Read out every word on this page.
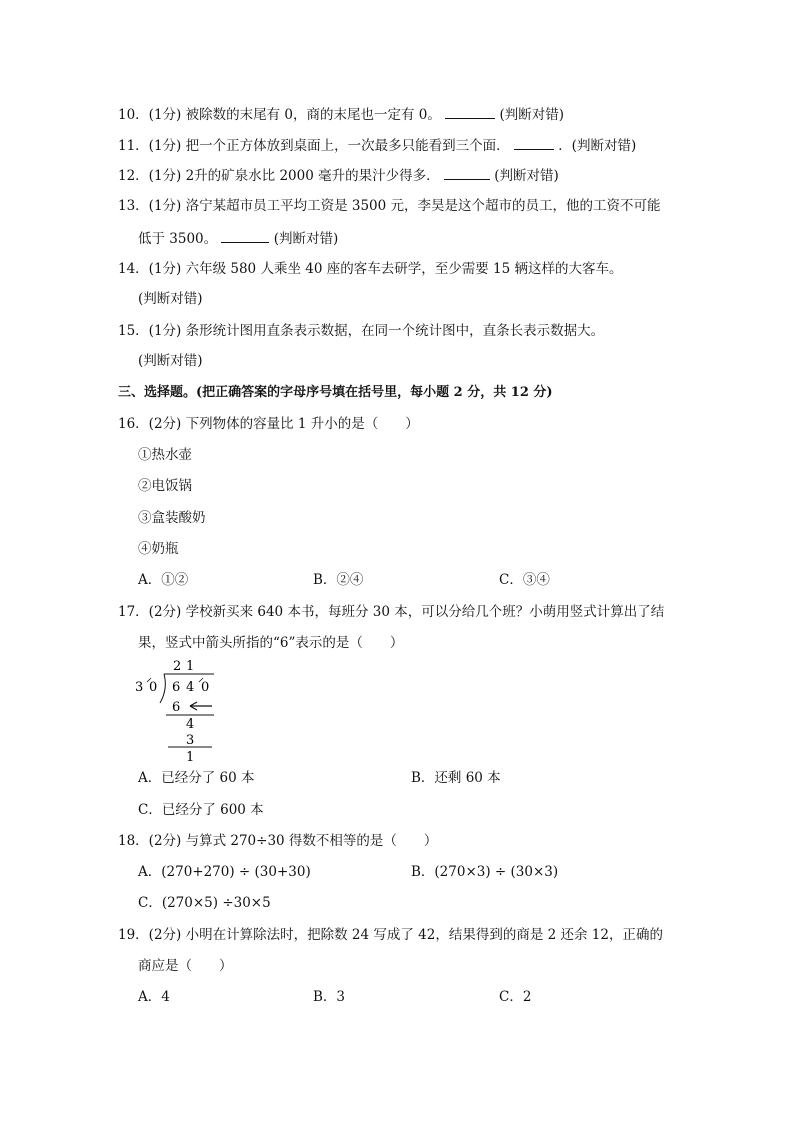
10．(1分) 被除数的末尾有 0，商的末尾也一定有 0。	(判断对错)
11．(1分) 把一个正方体放到桌面上，一次最多只能看到三个面．	．(判断对错)
12．(1分) 2升的矿泉水比 2000 毫升的果汁少得多．	(判断对错)
13．(1分) 洛宁某超市员工平均工资是 3500 元，李昊是这个超市的员工，他的工资不可能
低于 3500。	(判断对错)
14．(1分) 六年级 580 人乘坐 40 座的客车去研学，至少需要 15 辆这样的大客车。
(判断对错)
15．(1分) 条形统计图用直条表示数据，在同一个统计图中，直条长表示数据大。
(判断对错)
三、选择题。(把正确答案的字母序号填在括号里，每小题 2 分，共 12 分)
16．(2分) 下列物体的容量比 1 升小的是（　　）
①热水壶
②电饭锅
③盒装酸奶
④奶瓶
A．①②	B．②④	C．③④
17．(2分) 学校新买来 640 本书，每班分 30 本，可以分给几个班？小萌用竖式计算出了结
果，竖式中箭头所指的“6”表示的是（　　）
2 1
3 0 6 4 0
6
4
3
1
A．已经分了 60 本	B．还剩 60 本
C．已经分了 600 本
18．(2分) 与算式 270÷30 得数不相等的是（　　）
A．(270+270) ÷ (30+30)	B．(270×3) ÷ (30×3)
C．(270×5) ÷30×5
19．(2分) 小明在计算除法时，把除数 24 写成了 42，结果得到的商是 2 还余 12，正确的
商应是（　　）
A．4	B．3	C．2
